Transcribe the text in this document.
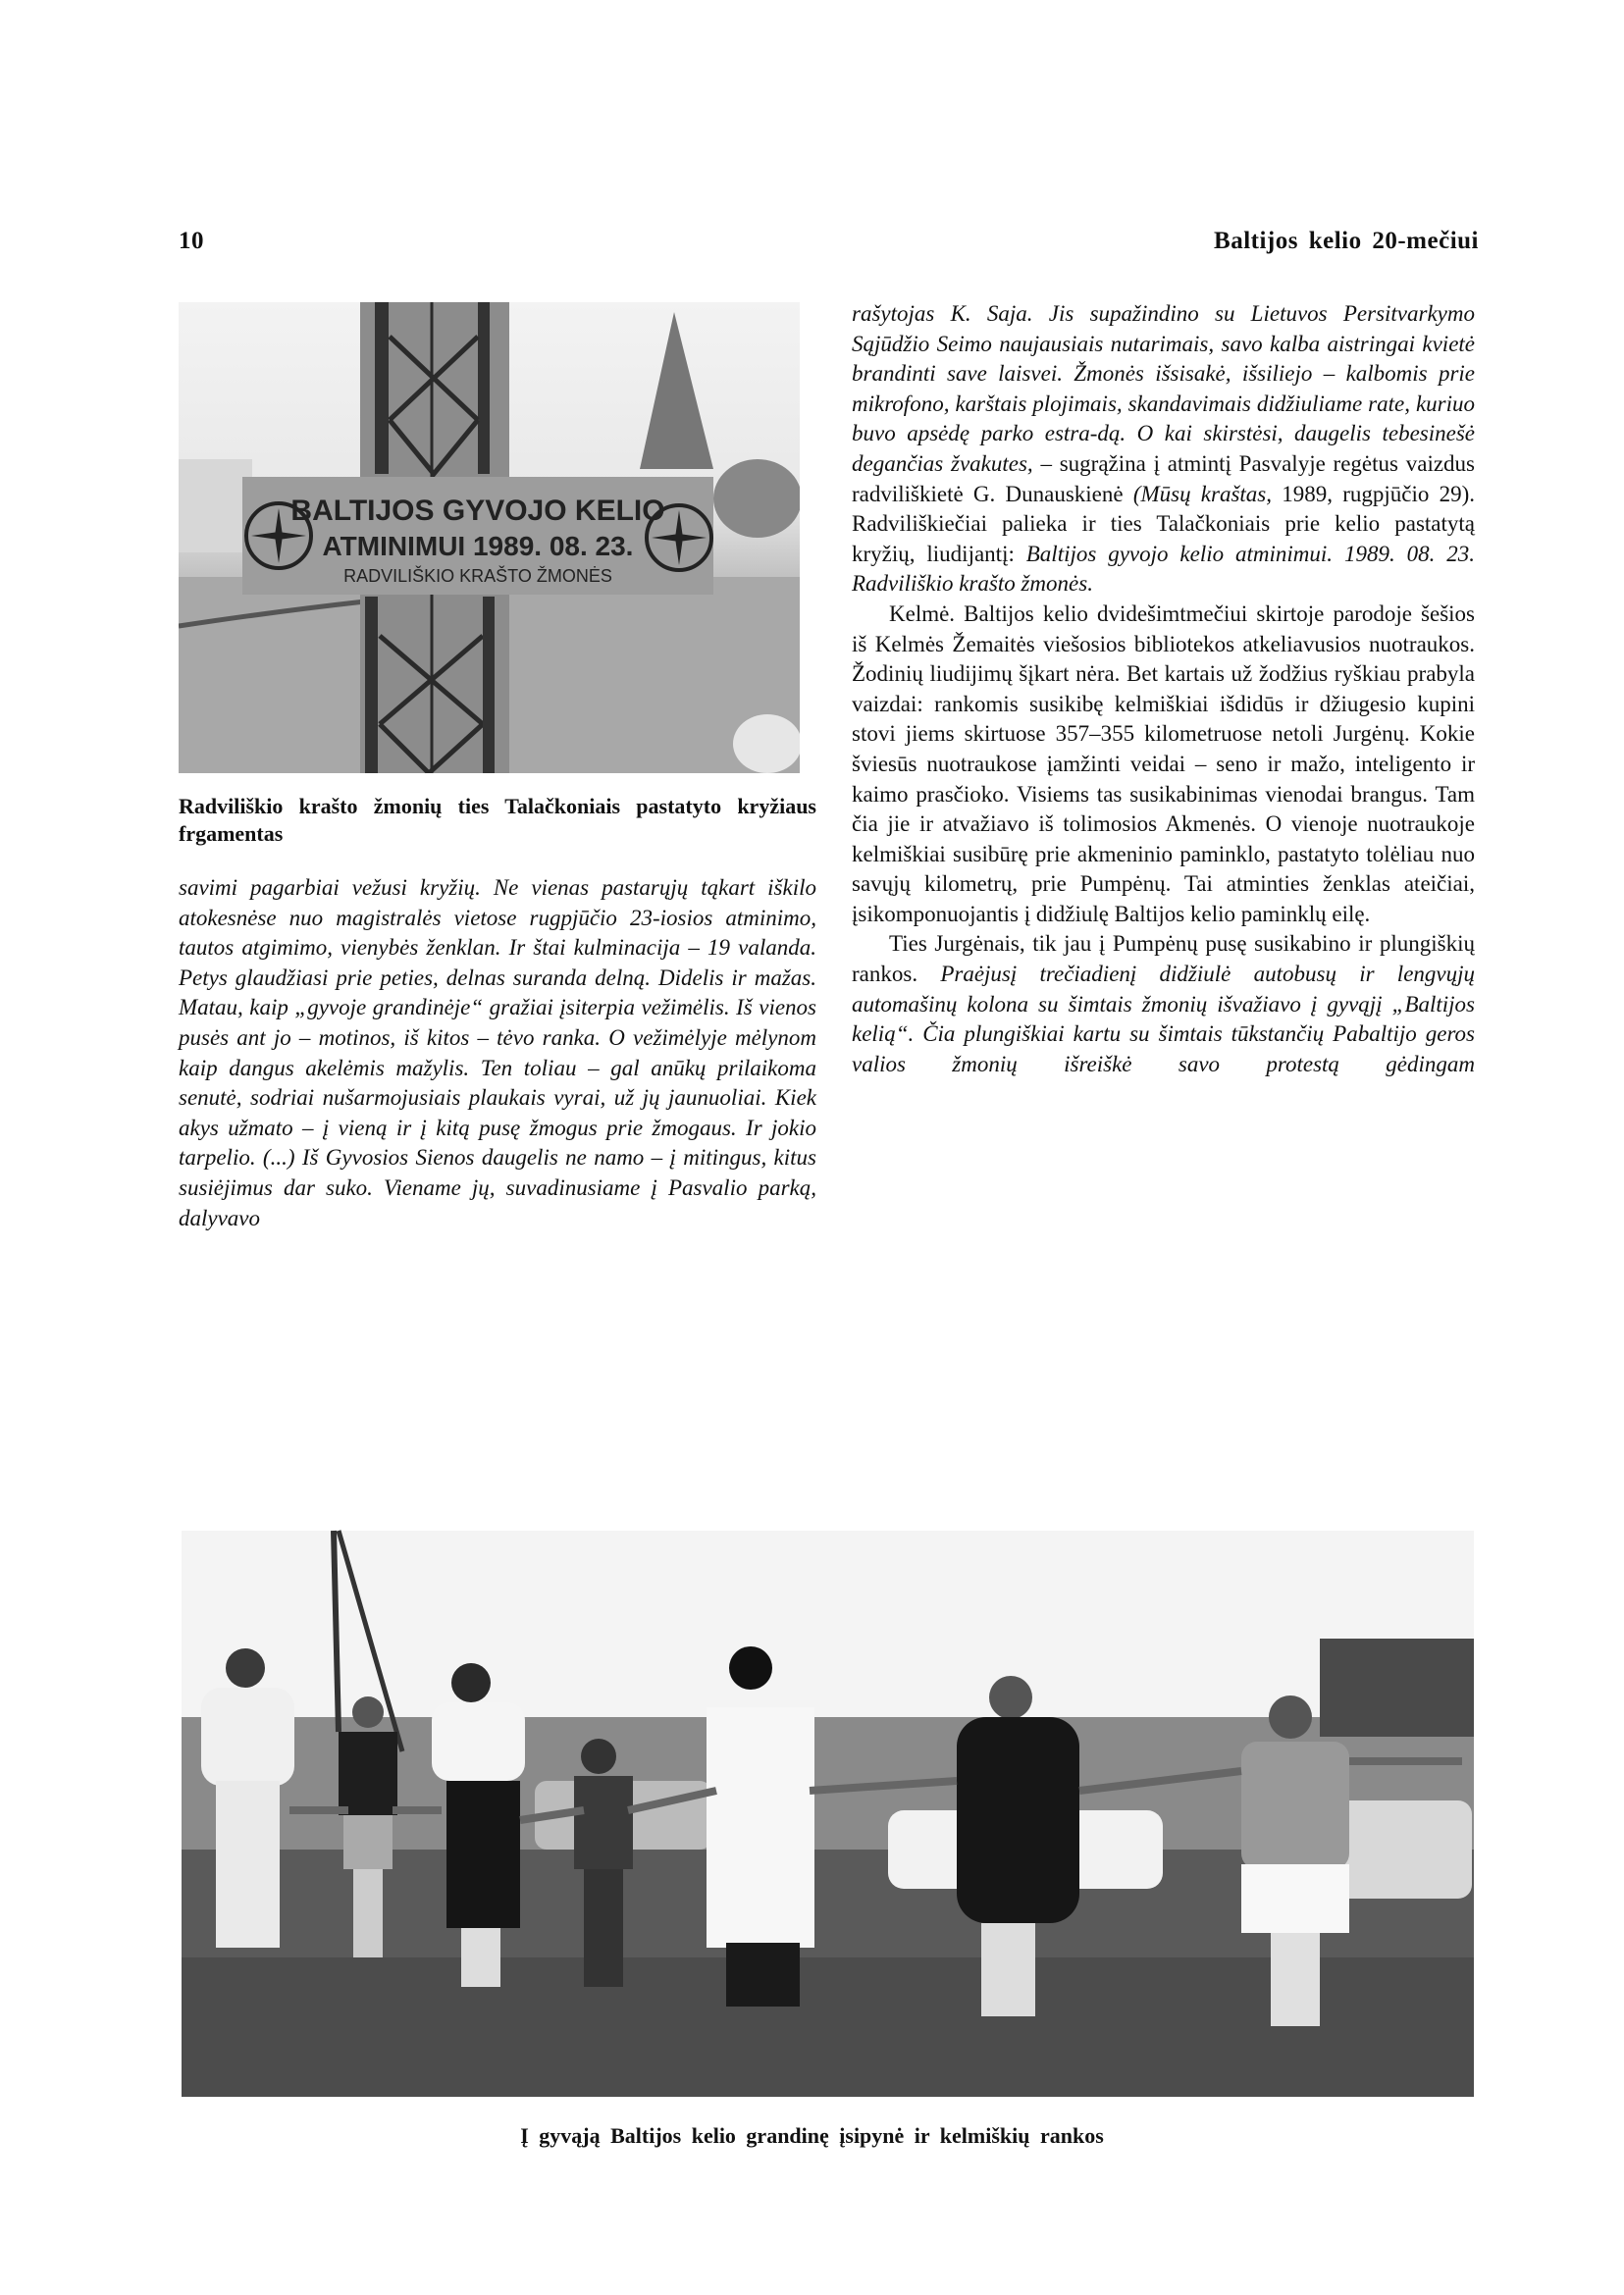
10	Baltijos kelio 20-mečiui
BALTIJOS GYVOJO KELIO
ATMINIMUI 1989. 08. 23.
RADVILIŠKIO KRAŠTO ŽMONĖS
Radviliškio krašto žmonių ties Talačkoniais pastatyto kryžiaus frgamentas

savimi pagarbiai vežusi kryžių. Ne vienas pastarųjų tąkart iškilo atokesnėse nuo magistralės vietose rugpjūčio 23-iosios atminimo, tautos atgimimo, vienybės ženklan. Ir štai kulminacija – 19 valanda. Petys glaudžiasi prie peties, delnas suranda delną. Didelis ir mažas. Matau, kaip „gyvoje grandinėje“ gražiai įsiterpia vežimėlis. Iš vienos pusės ant jo – motinos, iš kitos – tėvo ranka. O vežimėlyje mėlynom kaip dangus akelėmis mažylis. Ten toliau – gal anūkų prilaikoma senutė, sodriai nušarmojusiais plaukais vyrai, už jų jaunuoliai. Kiek akys užmato – į vieną ir į kitą pusę žmogus prie žmogaus. Ir jokio tarpelio. (...) Iš Gyvosios Sienos daugelis ne namo – į mitingus, kitus susiėjimus dar suko. Viename jų, suvadinusiame į Pasvalio parką, dalyvavo

rašytojas K. Saja. Jis supažindino su Lietuvos Persitvarkymo Sąjūdžio Seimo naujausiais nutarimais, savo kalba aistringai kvietė brandinti save laisvei. Žmonės išsisakė, išsiliejo – kalbomis prie mikrofono, karštais plojimais, skandavimais didžiuliame rate, kuriuo buvo apsėdę parko estra-dą. O kai skirstėsi, daugelis tebesinešė degančias žvakutes, – sugrąžina į atmintį Pasvalyje regėtus vaizdus radviliškietė G. Dunauskienė (Mūsų kraštas, 1989, rugpjūčio 29). Radviliškiečiai palieka ir ties Talačkoniais prie kelio pastatytą kryžių, liudijantį: Baltijos gyvojo kelio atminimui. 1989. 08. 23. Radviliškio krašto žmonės.

Kelmė. Baltijos kelio dvidešimtmečiui skirtoje parodoje šešios iš Kelmės Žemaitės viešosios bibliotekos atkeliavusios nuotraukos. Žodinių liudijimų šįkart nėra. Bet kartais už žodžius ryškiau prabyla vaizdai: rankomis susikibę kelmiškiai išdidūs ir džiugesio kupini stovi jiems skirtuose 357–355 kilometruose netoli Jurgėnų. Kokie šviesūs nuotraukose įamžinti veidai – seno ir mažo, inteligento ir kaimo prasčioko. Visiems tas susikabinimas vienodai brangus. Tam čia jie ir atvažiavo iš tolimosios Akmenės. O vienoje nuotraukoje kelmiškiai susibūrę prie akmeninio paminklo, pastatyto tolėliau nuo savųjų kilometrų, prie Pumpėnų. Tai atminties ženklas ateičiai, įsikomponuojantis į didžiulę Baltijos kelio paminklų eilę.

Ties Jurgėnais, tik jau į Pumpėnų pusę susikabino ir plungiškių rankos. Praėjusį trečiadienį didžiulė autobusų ir lengvųjų automašinų kolona su šimtais žmonių išvažiavo į gyvąjį „Baltijos kelią“. Čia plungiškiai kartu su šimtais tūkstančių Pabaltijo geros valios žmonių išreiškė savo protestą gėdingam

Į gyvąją Baltijos kelio grandinę įsipynė ir kelmiškių rankos
